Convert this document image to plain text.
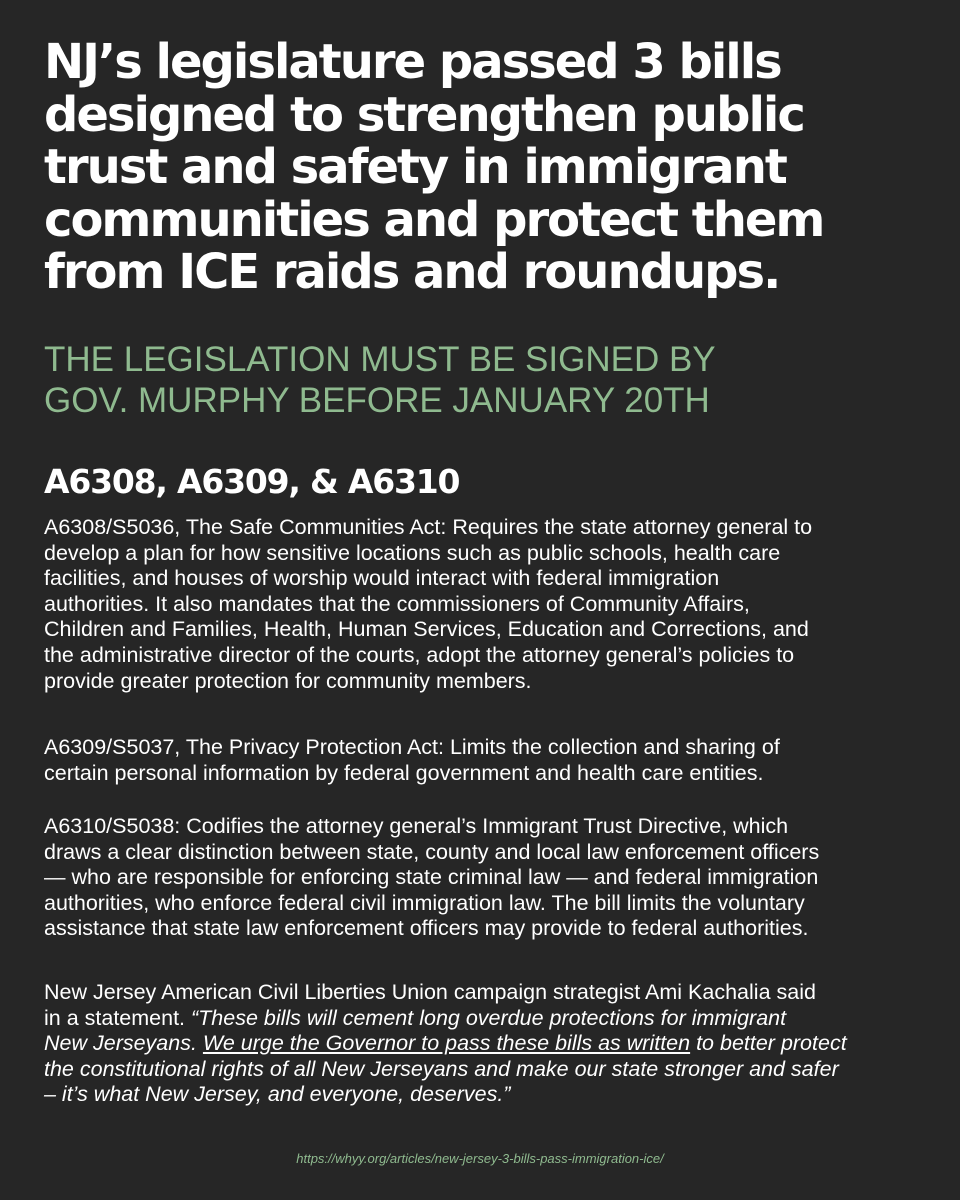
NJ’s legislature passed 3 bills
designed to strengthen public
trust and safety in immigrant
communities and protect them
from ICE raids and roundups.
THE LEGISLATION MUST BE SIGNED BY
GOV. MURPHY BEFORE JANUARY 20TH
A6308, A6309, & A6310

A6308/S5036, The Safe Communities Act: Requires the state attorney general to
develop a plan for how sensitive locations such as public schools, health care
facilities, and houses of worship would interact with federal immigration
authorities. It also mandates that the commissioners of Community Affairs,
Children and Families, Health, Human Services, Education and Corrections, and
the administrative director of the courts, adopt the attorney general’s policies to
provide greater protection for community members.

A6309/S5037, The Privacy Protection Act: Limits the collection and sharing of
certain personal information by federal government and health care entities.

A6310/S5038: Codifies the attorney general’s Immigrant Trust Directive, which
draws a clear distinction between state, county and local law enforcement officers
— who are responsible for enforcing state criminal law — and federal immigration
authorities, who enforce federal civil immigration law. The bill limits the voluntary
assistance that state law enforcement officers may provide to federal authorities.

New Jersey American Civil Liberties Union campaign strategist Ami Kachalia said
in a statement. “These bills will cement long overdue protections for immigrant
New Jerseyans. We urge the Governor to pass these bills as written to better protect
the constitutional rights of all New Jerseyans and make our state stronger and safer
– it’s what New Jersey, and everyone, deserves.”

https://whyy.org/articles/new-jersey-3-bills-pass-immigration-ice/
